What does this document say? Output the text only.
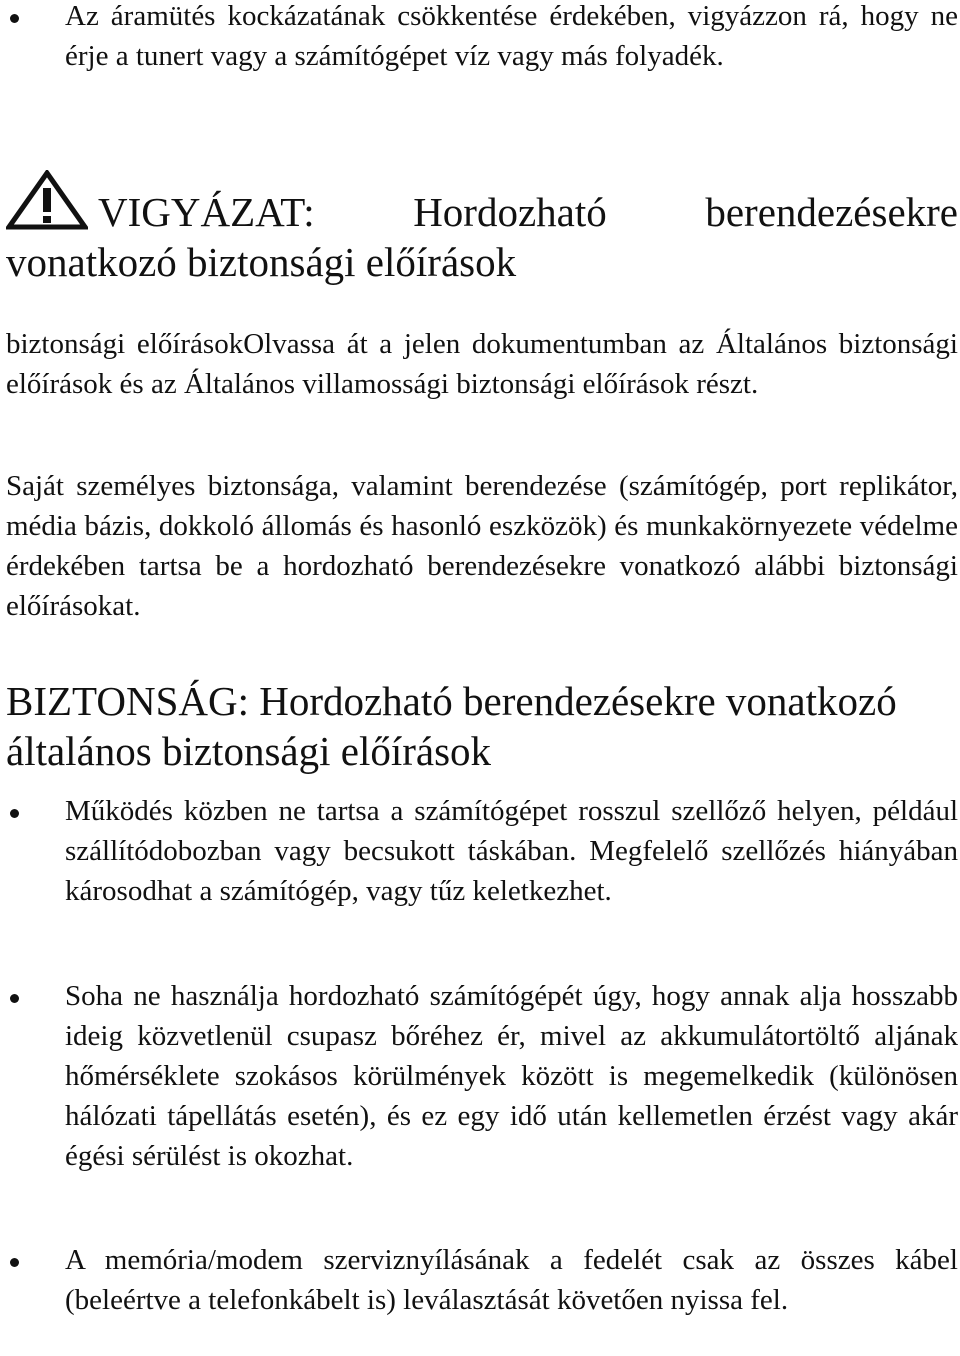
Az áramütés kockázatának csökkentése érdekében, vigyázzon rá, hogy ne érje a tunert vagy a számítógépet víz vagy más folyadék.

VIGYÁZAT: Hordozható berendezésekre vonatkozó biztonsági előírások

biztonsági előírásokOlvassa át a jelen dokumentumban az Általános biztonsági előírások és az Általános villamossági biztonsági előírások részt.

Saját személyes biztonsága, valamint berendezése (számítógép, port replikátor, média bázis, dokkoló állomás és hasonló eszközök) és munkakörnyezete védelme érdekében tartsa be a hordozható berendezésekre vonatkozó alábbi biztonsági előírásokat.

BIZTONSÁG: Hordozható berendezésekre vonatkozó általános biztonsági előírások

Működés közben ne tartsa a számítógépet rosszul szellőző helyen, például szállítódobozban vagy becsukott táskában. Megfelelő szellőzés hiányában károsodhat a számítógép, vagy tűz keletkezhet.

Soha ne használja hordozható számítógépét úgy, hogy annak alja hosszabb ideig közvetlenül csupasz bőréhez ér, mivel az akkumulátortöltő aljának hőmérséklete szokásos körülmények között is megemelkedik (különösen hálózati tápellátás esetén), és ez egy idő után kellemetlen érzést vagy akár égési sérülést is okozhat.

A memória/modem szerviznyílásának a fedelét csak az összes kábel (beleértve a telefonkábelt is) leválasztását követően nyissa fel.
